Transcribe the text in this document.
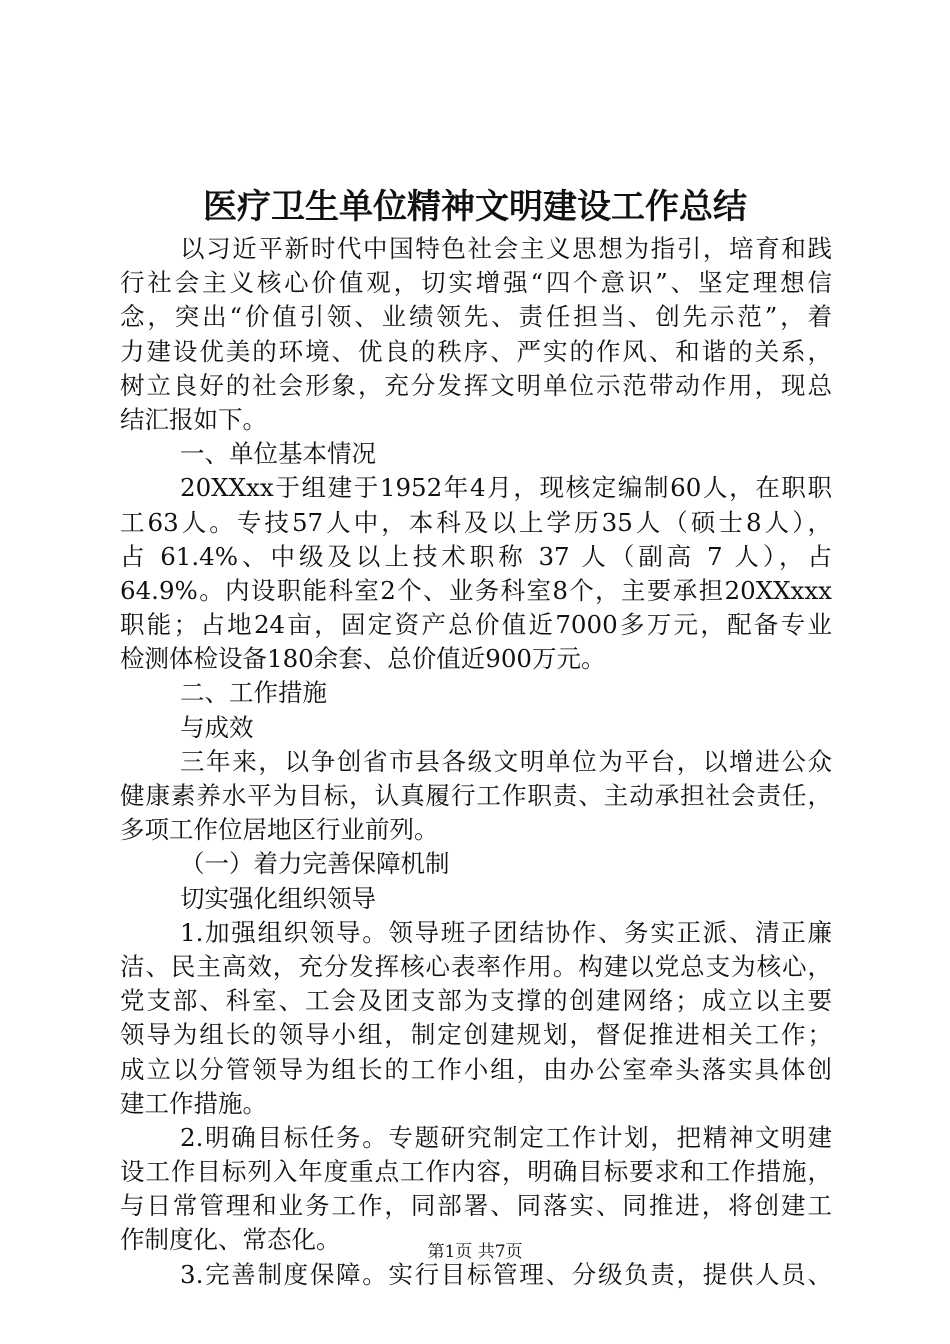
医疗卫生单位精神文明建设工作总结
以习近平新时代中国特色社会主义思想为指引，培育和践
行社会主义核心价值观，切实增强“四个意识”、坚定理想信
念，突出“价值引领、业绩领先、责任担当、创先示范”，着
力建设优美的环境、优良的秩序、严实的作风、和谐的关系，
树立良好的社会形象，充分发挥文明单位示范带动作用，现总
结汇报如下。
一、单位基本情况
20XXxx于组建于1952年4月，现核定编制60人，在职职
工63人。专技57人中，本科及以上学历35人（硕士8人），
占 61.4%、中级及以上技术职称 37 人（副高 7 人），占
64.9%。内设职能科室2个、业务科室8个，主要承担20XXxxx
职能；占地24亩，固定资产总价值近7000多万元，配备专业
检测体检设备180余套、总价值近900万元。
二、工作措施
与成效
三年来，以争创省市县各级文明单位为平台，以增进公众
健康素养水平为目标，认真履行工作职责、主动承担社会责任，
多项工作位居地区行业前列。
（一）着力完善保障机制
切实强化组织领导
1.加强组织领导。领导班子团结协作、务实正派、清正廉
洁、民主高效，充分发挥核心表率作用。构建以党总支为核心，
党支部、科室、工会及团支部为支撑的创建网络；成立以主要
领导为组长的领导小组，制定创建规划，督促推进相关工作；
成立以分管领导为组长的工作小组，由办公室牵头落实具体创
建工作措施。
2.明确目标任务。专题研究制定工作计划，把精神文明建
设工作目标列入年度重点工作内容，明确目标要求和工作措施，
与日常管理和业务工作，同部署、同落实、同推进，将创建工
作制度化、常态化。
3.完善制度保障。实行目标管理、分级负责，提供人员、
第1页 共7页
